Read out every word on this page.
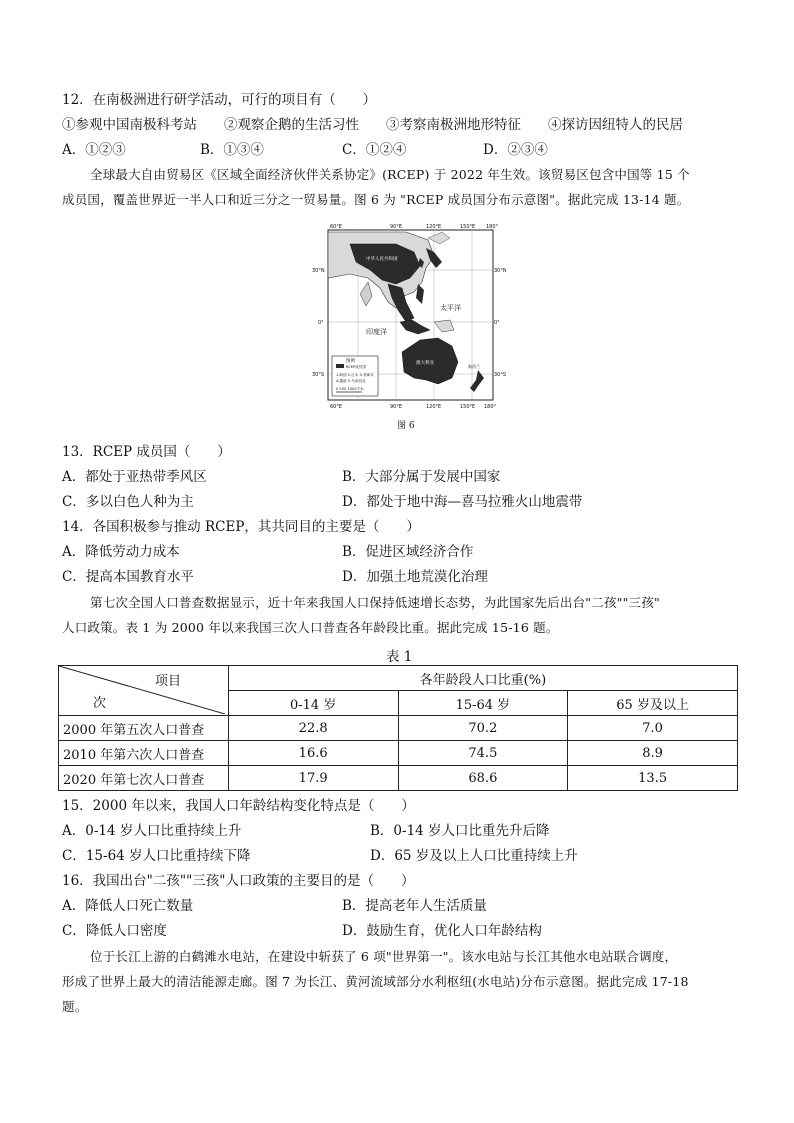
12．在南极洲进行研学活动，可行的项目有（　　）
①参观中国南极科考站　　②观察企鹅的生活习性　　③考察南极洲地形特征　　④探访因纽特人的民居
A．①②③	B．①③④	C．①②④	D．②③④
全球最大自由贸易区《区域全面经济伙伴关系协定》(RCEP) 于 2022 年生效。该贸易区包含中国等 15 个
成员国，覆盖世界近一半人口和近三分之一贸易量。图 6 为 "RCEP 成员国分布示意图"。据此完成 13-14 题。
60°E	90°E	120°E	150°E 180°
60°E	90°E	120°E	150°E 180°
30°N
0°
30°S
30°N
0°
30°S
中华人民共和国
太平洋
印度洋
澳大利亚
新西兰
图例
RCEP成员国
1.韩国 2.日本 3.菲律宾
4.越南 5.马来西亚
0 500 1000千米
图 6
13．RCEP 成员国（　　）
A．都处于亚热带季风区	B．大部分属于发展中国家
C．多以白色人种为主	D．都处于地中海—喜马拉雅火山地震带
14．各国积极参与推动 RCEP，其共同目的主要是（　　）
A．降低劳动力成本	B．促进区域经济合作
C．提高本国教育水平	D．加强土地荒漠化治理
第七次全国人口普查数据显示，近十年来我国人口保持低速增长态势，为此国家先后出台"二孩""三孩"
人口政策。表 1 为 2000 年以来我国三次人口普查各年龄段比重。据此完成 15-16 题。
表 1
项目
次	各年龄段人口比重(%)		
	0-14 岁	15-64 岁	65 岁及以上
2000 年第五次人口普查	22.8	70.2	7.0
2010 年第六次人口普查	16.6	74.5	8.9
2020 年第七次人口普查	17.9	68.6	13.5
15．2000 年以来，我国人口年龄结构变化特点是（　　）
A．0-14 岁人口比重持续上升	B．0-14 岁人口比重先升后降
C．15-64 岁人口比重持续下降	D．65 岁及以上人口比重持续上升
16．我国出台"二孩""三孩"人口政策的主要目的是（　　）
A．降低人口死亡数量	B．提高老年人生活质量
C．降低人口密度	D．鼓励生育，优化人口年龄结构
位于长江上游的白鹤滩水电站，在建设中斩获了 6 项"世界第一"。该水电站与长江其他水电站联合调度，
形成了世界上最大的清洁能源走廊。图 7 为长江、黄河流域部分水利枢纽(水电站)分布示意图。据此完成 17-18
题。
